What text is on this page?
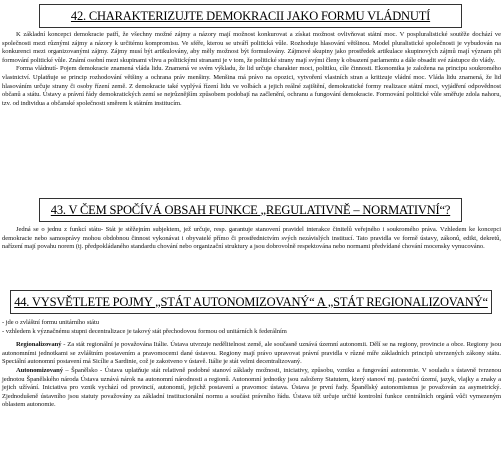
42. CHARAKTERIZUJTE DEMOKRACII JAKO FORMU VLÁDNUTÍ

K základní koncepci demokracie patří, že všechny možné zájmy a názory mají možnost konkurovat a získat možnost ovlivňovat státní moc. V pospluralistické soutěže dochází ve společnosti mezi různými zájmy a názory k určitému kompromisu. Ve sféře, kterou se utváří politická vůle. Rozhoduje hlasování většinou. Model pluralistické společnosti je vybudován na konkurenci mezi organizovanými zájmy. Zájmy musí být artikulovány, aby měly možnost být formulovány. Zájmové skupiny jako prostředek artikulace skupinových zájmů mají význam při formování politické vůle. Známí osobní mezi skupinami vlivu a politickými stranami je v tom, že politické strany mají svými členy k obsazení parlamentu a dále obsadit své zástupce do vlády.

Forma vládnutí- Pojem demokracie znamená vláda lidu. Znamená ve svém výkladu, že lid určuje charakter moci, politiku, cíle činnosti. Ekonomika je založena na principu soukromého vlastnictví. Uplatňuje se princip rozhodování většiny a ochrana práv menšiny. Menšina má právo na opozici, vytvoření vlastních stran a kritizuje vládní moc. Vláda lidu znamená, že lid hlasováním určuje strany či osoby řízení země. Z demokracie také vyplývá řízení lidu ve volbách a jejich reálné zajištění, demokratické formy realizace státní moci, vyjádření odpovědnost občanů a státu. Ústavy a právní řády demokratických zemí se nejrůznějším způsobem podobají na začlenění, ochranu a fungování demokracie. Formování politické vůle směřuje zdola nahoru, tzv. od individua a občanské společnosti směrem k státním institucím.

43. V ČEM SPOČÍVÁ OBSAH FUNKCE „REGULATIVNĚ – NORMATIVNÍ“?

Jedná se o jednu z funkcí státu- Stát je stěžejním subjektem, jež určuje, resp. garantuje stanovení pravidel interakce činitelů veřejného i soukromého práva. Vzhledem ke koncepci demokracie nebo samosprávy mohou obdobnou činnost vykonávat i obyvatelé přímo či prostřednictvím svých nezávislých institucí. Tato pravidla ve formě ústavy, zákonů, edikt, dekretů, nařízení mají povahu norem (tj. předpokládaného standardu chování nebo organizační struktury a jsou dobrovolně respektována nebo normami předvídané chování mocensky vynucováno.

44. VYSVĚTLETE POJMY „STÁT AUTONOMIZOVANÝ“ A „STÁT REGIONALIZOVANÝ“

- jde o zvláštní formu unitárního státu

- vzhledem k význačnému stupni decentralizace je takový stát přechodovou formou od unitárních k federálním

Regionalizovaný - Za stát regionální je považována Itálie. Ústava utvrzuje nedělitelnost země, ale současně uznává územní autonomii. Dělí se na regiony, provincie a obce. Regiony jsou autonomními jednotkami se zvláštním postavením a pravomocemi dané ústavou. Regiony mají právo upravovat právní pravidla v různé míře základních principů utvrzených zákony státu. Speciální autonomní postavení má Sicílie a Sardinie, což je zakotveno v ústavě. Itálie je stát velmi decentralizovaný.

Autonomizovaný – Španělsko - Ústava uplatňuje stát relativně podobné stanoví základy možnosti, iniciativy, způsobu, vzniku a fungování autonomie. V souladu s ústavně tvrzenou jednotou Španělského národa Ústava uznává nárok na autonomní národnosti a regionů. Autonomní jednotky jsou založeny Statutem, který stanoví mj. pasteční území, jazyk, vlajky a znaky a jejich užívání. Iniciativa pro vznik vychází od provincií, autonomií, jejichž postavení a pravomoc ústava. Ústava je první řady. Španělský autonomismus je považován za asymetrický. Zjednodušeně ústavního jsou statuty považovány za základní institucionální normu a součást právního řádu. Ústava též určuje určité kontrolní funkce centrálních orgánů vůči vymezeným oblastem autonomie.
